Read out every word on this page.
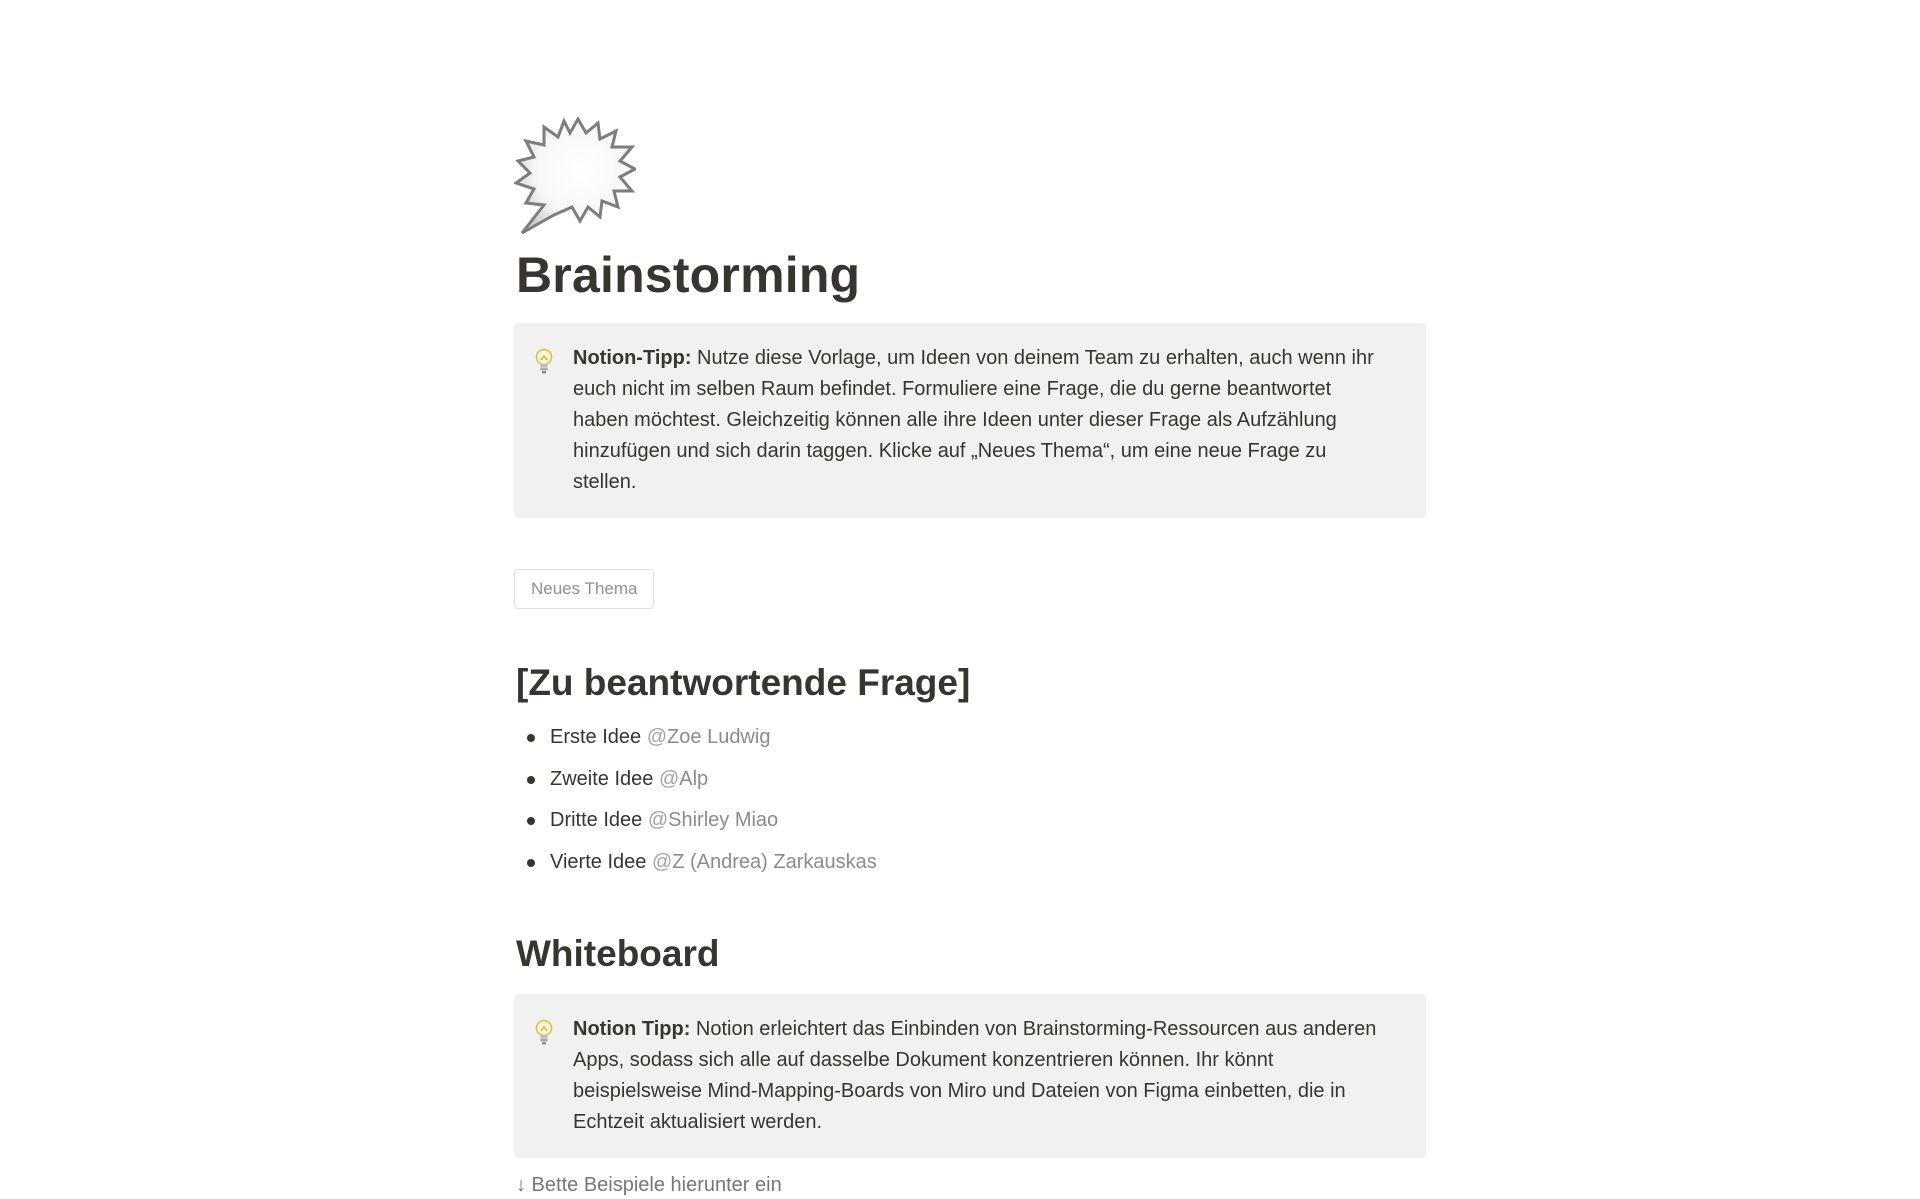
Brainstorming
Notion-Tipp: Nutze diese Vorlage, um Ideen von deinem Team zu erhalten, auch wenn ihr euch nicht im selben Raum befindet. Formuliere eine Frage, die du gerne beantwortet haben möchtest. Gleichzeitig können alle ihre Ideen unter dieser Frage als Aufzählung hinzufügen und sich darin taggen. Klicke auf „Neues Thema“, um eine neue Frage zu stellen.
Neues Thema
[Zu beantwortende Frage]
Erste Idee @Zoe Ludwig
Zweite Idee @Alp
Dritte Idee @Shirley Miao
Vierte Idee @Z (Andrea) Zarkauskas
Whiteboard
Notion Tipp: Notion erleichtert das Einbinden von Brainstorming-Ressourcen aus anderen Apps, sodass sich alle auf dasselbe Dokument konzentrieren können. Ihr könnt beispielsweise Mind-Mapping-Boards von Miro und Dateien von Figma einbetten, die in Echtzeit aktualisiert werden.
↓ Bette Beispiele hierunter ein
